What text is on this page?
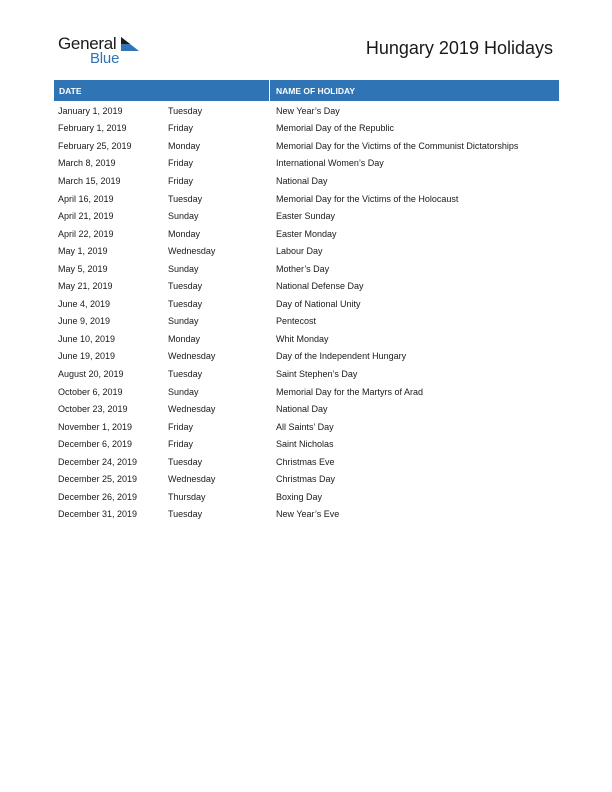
General
Blue
Hungary 2019 Holidays
DATE	NAME OF HOLIDAY
January 1, 2019	Tuesday	New Year’s Day
February 1, 2019	Friday	Memorial Day of the Republic
February 25, 2019	Monday	Memorial Day for the Victims of the Communist Dictatorships
March 8, 2019	Friday	International Women’s Day
March 15, 2019	Friday	National Day
April 16, 2019	Tuesday	Memorial Day for the Victims of the Holocaust
April 21, 2019	Sunday	Easter Sunday
April 22, 2019	Monday	Easter Monday
May 1, 2019	Wednesday	Labour Day
May 5, 2019	Sunday	Mother’s Day
May 21, 2019	Tuesday	National Defense Day
June 4, 2019	Tuesday	Day of National Unity
June 9, 2019	Sunday	Pentecost
June 10, 2019	Monday	Whit Monday
June 19, 2019	Wednesday	Day of the Independent Hungary
August 20, 2019	Tuesday	Saint Stephen’s Day
October 6, 2019	Sunday	Memorial Day for the Martyrs of Arad
October 23, 2019	Wednesday	National Day
November 1, 2019	Friday	All Saints’ Day
December 6, 2019	Friday	Saint Nicholas
December 24, 2019	Tuesday	Christmas Eve
December 25, 2019	Wednesday	Christmas Day
December 26, 2019	Thursday	Boxing Day
December 31, 2019	Tuesday	New Year’s Eve
